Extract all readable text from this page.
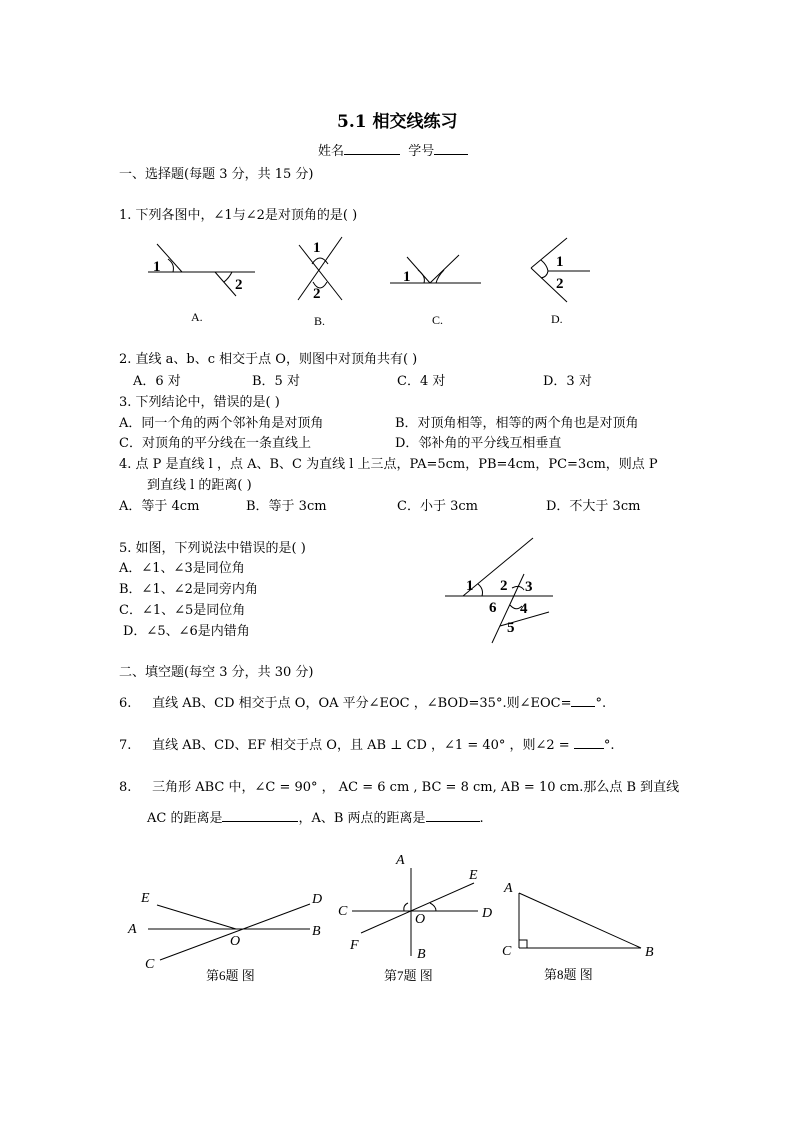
5.1 相交线练习
姓名	学号
一、选择题(每题 3 分，共 15 分)
1. 下列各图中，∠1与∠2是对顶角的是( )
1
2
1
2
1
1
2
A.	B.	C.	D.
2. 直线 a、b、c 相交于点 O，则图中对顶角共有( )
A．6 对	B．5 对	C．4 对	D．3 对
3. 下列结论中，错误的是( )
A．同一个角的两个邻补角是对顶角	B．对顶角相等，相等的两个角也是对顶角
C．对顶角的平分线在一条直线上	D．邻补角的平分线互相垂直
4. 点 P 是直线 l ，点 A、B、C 为直线 l 上三点，PA=5cm，PB=4cm，PC=3cm，则点 P
到直线 l 的距离( )
A．等于 4cm	B．等于 3cm	C．小于 3cm	D．不大于 3cm
5. 如图，下列说法中错误的是( )
A．∠1、∠3是同位角
B．∠1、∠2是同旁内角
C．∠1、∠5是同位角
D．∠5、∠6是内错角
1 2 3
4
5
6
二、填空题(每空 3 分，共 30 分)
6. 直线 AB、CD 相交于点 O，OA 平分∠EOC ，∠BOD=35°.则∠EOC= °.
7. 直线 AB、CD、EF 相交于点 O，且 AB ⊥ CD ，∠1 = 40° ，则∠2 =	°.
8. 三角形 ABC 中，∠C = 90° ， AC = 6 cm , BC = 8 cm, AB = 10 cm.那么点 B 到直线
AC 的距离是	，A、B 两点的距离是	.
E	D
A
O
B
C
第6题 图
A
E
C
O	D
F
B
第7题 图
A
C	B
第8题 图
